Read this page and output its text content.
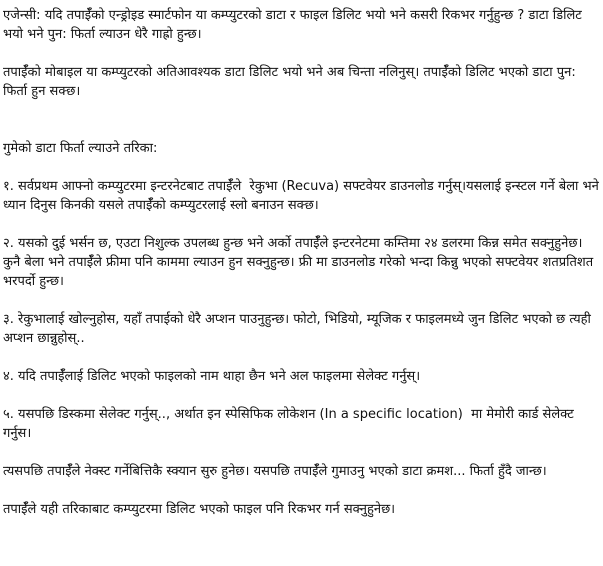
एजेन्सी: यदि तपाईँको एन्ड्रोइड स्मार्टफोन या कम्प्युटरको डाटा र फाइल डिलिट भयो भने कसरी रिकभर गर्नुहुन्छ ? डाटा डिलिट भयो भने पुन: फिर्ता ल्याउन धेरै गाह्रो हुन्छ।

तपाईँको मोबाइल या कम्प्युटरको अतिआवश्यक डाटा डिलिट भयो भने अब चिन्ता नलिनुस्। तपाईँको डिलिट भएको डाटा पुन: फिर्ता हुन सक्छ।

गुमेको डाटा फिर्ता ल्याउने तरिका:

१. सर्वप्रथम आफ्नो कम्प्युटरमा इन्टरनेटबाट तपाईँले  रेकुभा (Recuva) सफ्टवेयर डाउनलोड गर्नुस्।यसलाई इन्स्टल गर्ने बेला भने ध्यान दिनुस किनकी यसले तपाईँको कम्प्युटरलाई स्लो बनाउन सक्छ।

२. यसको दुई भर्सन छ, एउटा निशुल्क उपलब्ध हुन्छ भने अर्को तपाईँले इन्टरनेटमा कम्तिमा २४ डलरमा किन्न समेत सक्नुहुनेछ। कुनै बेला भने तपाईँले फ्रीमा पनि काममा ल्याउन हुन सक्नुहुन्छ। फ्री मा डाउनलोड गरेको भन्दा किन्नु भएको सफ्टवेयर शतप्रतिशत भरपर्दो हुन्छ।

३. रेकुभालाई खोल्नुहोस, यहाँ तपाईको धेरै अप्शन पाउनुहुन्छ। फोटो, भिडियो, म्यूजिक र फाइलमध्ये जुन डिलिट भएको छ त्यही अप्शन छान्नुहोस्..

४. यदि तपाईँलाई डिलिट भएको फाइलको नाम थाहा छैन भने अल फाइलमा सेलेक्ट गर्नुस्।

५. यसपछि डिस्कमा सेलेक्ट गर्नुस्.., अर्थात इन स्पेसिफिक लोकेशन (In a specific location)  मा मेमोरी कार्ड सेलेक्ट गर्नुस।

त्यसपछि तपाईँले नेक्स्ट गर्नेबित्तिकै स्क्यान सुरु हुनेछ। यसपछि तपाईँले गुमाउनु भएको डाटा क्रमश... फिर्ता हुँदै जान्छ।

तपाईँले यही तरिकाबाट कम्प्युटरमा डिलिट भएको फाइल पनि रिकभर गर्न सक्नुहुनेछ।
